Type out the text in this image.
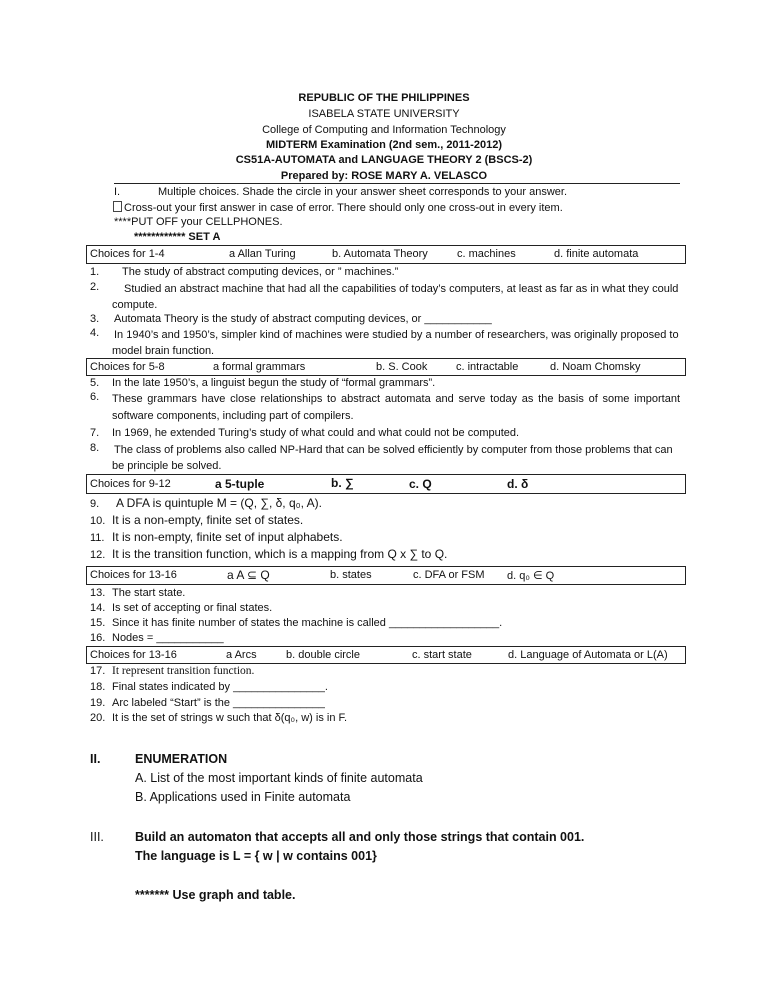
REPUBLIC OF THE PHILIPPINES
ISABELA STATE UNIVERSITY
College of Computing and Information Technology
MIDTERM Examination (2nd sem., 2011-2012)
CS51A-AUTOMATA and LANGUAGE THEORY 2 (BSCS-2)
Prepared by: ROSE MARY A. VELASCO
I.	Multiple choices. Shade the circle in your answer sheet corresponds to your answer.
Cross-out your first answer in case of error. There should only one cross-out in every item.
****PUT OFF your CELLPHONES.
************ SET A
Choices for 1-4	a Allan Turing	b. Automata Theory	c. machines	d. finite automata
1. The study of abstract computing devices, or ” machines.”
2. Studied an abstract machine that had all the capabilities of today’s computers, at least as far as in what they could compute.
3. Automata Theory is the study of abstract computing devices, or ___________
4. In 1940’s and 1950’s, simpler kind of machines were studied by a number of researchers, was originally proposed to model brain function.
Choices for 5-8	a formal grammars	b. S. Cook	c. intractable	d. Noam Chomsky
5. In the late 1950’s, a linguist begun the study of “formal grammars”.
6. These grammars have close relationships to abstract automata and serve today as the basis of some important software components, including part of compilers.
7. In 1969, he extended Turing’s study of what could and what could not be computed.
8. The class of problems also called NP-Hard that can be solved efficiently by computer from those problems that can be principle be solved.
Choices for 9-12	a 5-tuple	b. ∑	c. Q	d. δ
9. A DFA is quintuple M = (Q, ∑, δ, q₀, A).
10. It is a non-empty, finite set of states.
11. It is non-empty, finite set of input alphabets.
12. It is the transition function, which is a mapping from Q x ∑ to Q.
Choices for 13-16	a A ⊆ Q	b. states	c. DFA or FSM d. q₀ ∈ Q
13. The start state.
14. Is set of accepting or final states.
15. Since it has finite number of states the machine is called __________________.
16. Nodes = ___________
Choices for 13-16	a Arcs	b. double circle	c. start state	d. Language of Automata or L(A)
17. It represent transition function.
18. Final states indicated by _______________.
19. Arc labeled “Start” is the _______________
20. It is the set of strings w such that δ(q₀, w) is in F.
II.	ENUMERATION
A. List of the most important kinds of finite automata
B. Applications used in Finite automata
III. Build an automaton that accepts all and only those strings that contain 001.
The language is L = { w | w contains 001}
******* Use graph and table.
